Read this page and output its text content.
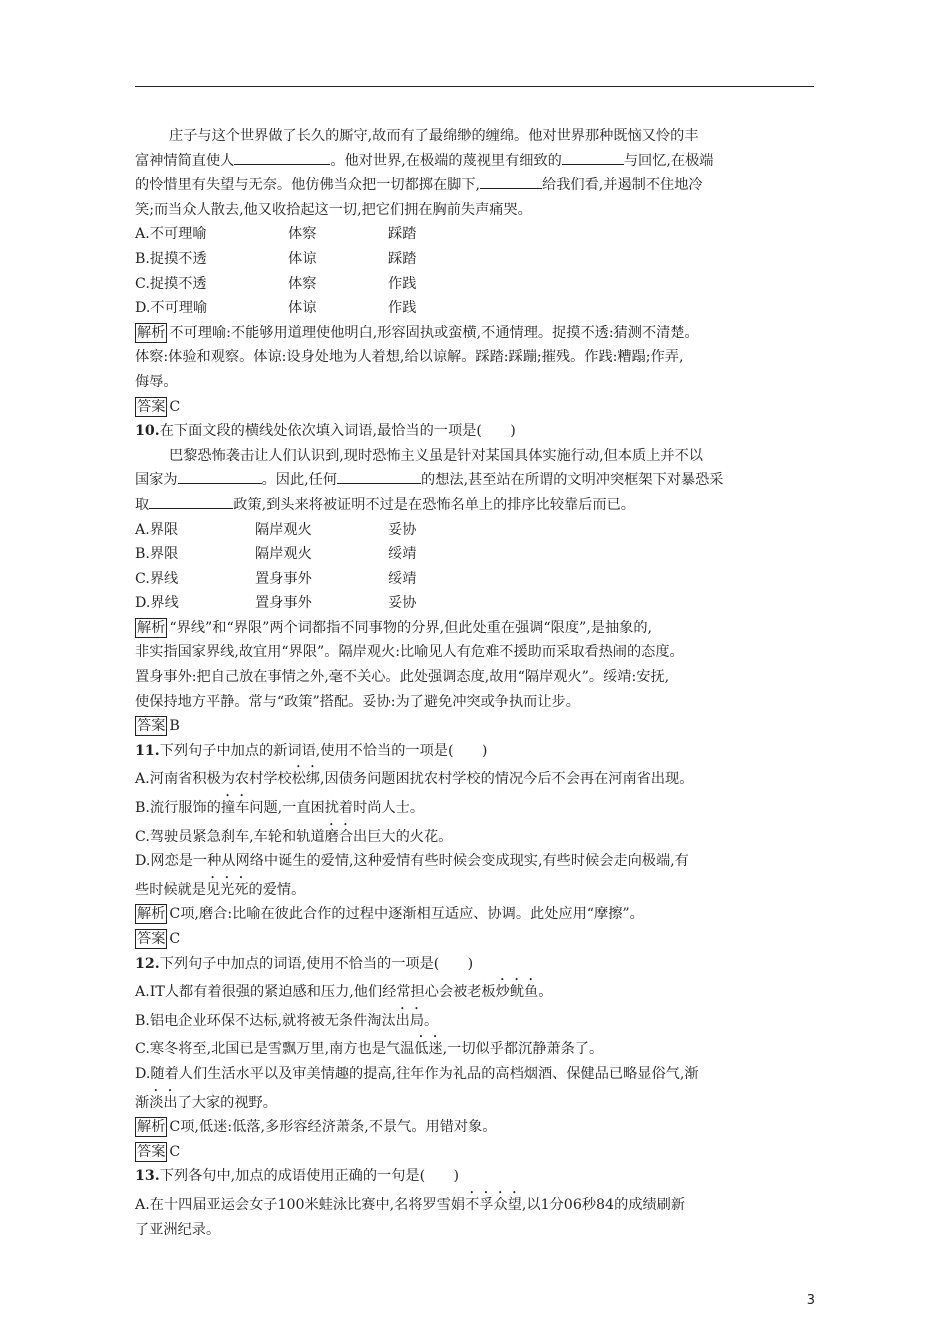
庄子与这个世界做了长久的厮守,故而有了最绵缈的缠绵。他对世界那种既恼又怜的丰

富神情简直使人	。他对世界,在极端的蔑视里有细致的	与回忆,在极端

的怜惜里有失望与无奈。他仿佛当众把一切都掷在脚下,	给我们看,并遏制不住地冷

笑;而当众人散去,他又收拾起这一切,把它们拥在胸前失声痛哭。

A.不可理喻	体察	踩踏
B.捉摸不透	体谅	踩踏
C.捉摸不透	体察	作践
D.不可理喻	体谅	作践

解析 不可理喻:不能够用道理使他明白,形容固执或蛮横,不通情理。捉摸不透:猜测不清楚。

体察:体验和观察。体谅:设身处地为人着想,给以谅解。踩踏:踩蹦;摧残。作践:糟蹋;作弄,

侮辱。

答案 C

10.在下面文段的横线处依次填入词语,最恰当的一项是(　　)

巴黎恐怖袭击让人们认识到,现时恐怖主义虽是针对某国具体实施行动,但本质上并不以

国家为	。因此,任何	的想法,甚至站在所谓的文明冲突框架下对暴恐采

取	政策,到头来将被证明不过是在恐怖名单上的排序比较靠后而已。

A.界限	隔岸观火	妥协
B.界限	隔岸观火	绥靖
C.界线	置身事外	绥靖
D.界线	置身事外	妥协

解析 “界线”和“界限”两个词都指不同事物的分界,但此处重在强调“限度”,是抽象的,

非实指国家界线,故宜用“界限”。隔岸观火:比喻见人有危难不援助而采取看热闹的态度。

置身事外:把自己放在事情之外,毫不关心。此处强调态度,故用“隔岸观火”。绥靖:安抚,

使保持地方平静。常与“政策”搭配。妥协:为了避免冲突或争执而让步。

答案 B

11.下列句子中加点的新词语,使用不恰当的一项是(　　)

A.河南省积极为农村学校松绑,因债务问题困扰农村学校的情况今后不会再在河南省出现。

B.流行服饰的撞车问题,一直困扰着时尚人士。

C.驾驶员紧急刹车,车轮和轨道磨合出巨大的火花。

D.网恋是一种从网络中诞生的爱情,这种爱情有些时候会变成现实,有些时候会走向极端,有

些时候就是见光死的爱情。

解析 C项,磨合:比喻在彼此合作的过程中逐渐相互适应、协调。此处应用“摩擦”。

答案 C

12.下列句子中加点的词语,使用不恰当的一项是(　　)

A.IT人都有着很强的紧迫感和压力,他们经常担心会被老板炒鱿鱼。

B.铝电企业环保不达标,就将被无条件淘汰出局。

C.寒冬将至,北国已是雪飘万里,南方也是气温低迷,一切似乎都沉静萧条了。

D.随着人们生活水平以及审美情趣的提高,往年作为礼品的高档烟酒、保健品已略显俗气,渐

渐淡出了大家的视野。

解析 C项,低迷:低落,多形容经济萧条,不景气。用错对象。

答案 C

13.下列各句中,加点的成语使用正确的一句是(　　)

A.在十四届亚运会女子100米蛙泳比赛中,名将罗雪娟不孚众望,以1分06秒84的成绩刷新

了亚洲纪录。

3
